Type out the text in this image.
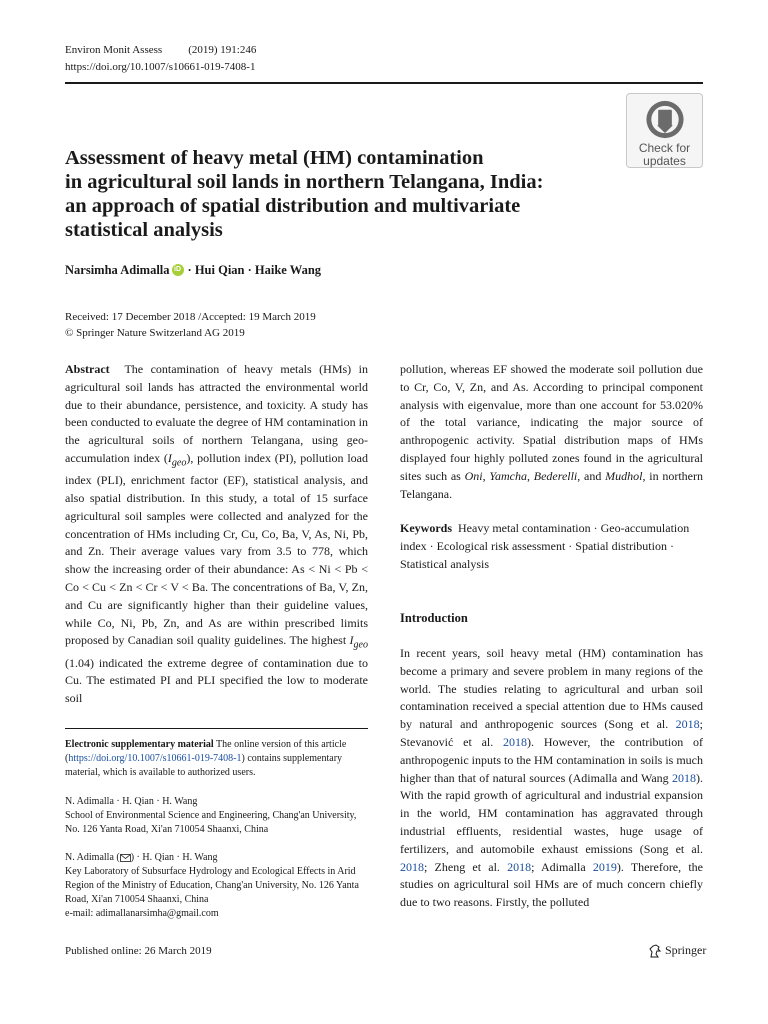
Environ Monit Assess (2019) 191:246
https://doi.org/10.1007/s10661-019-7408-1
Check for
updates
Assessment of heavy metal (HM) contamination
in agricultural soil lands in northern Telangana, India:
an approach of spatial distribution and multivariate
statistical analysis
Narsimha Adimalla iD · Hui Qian · Haike Wang
Received: 17 December 2018 /Accepted: 19 March 2019
© Springer Nature Switzerland AG 2019

Abstract The contamination of heavy metals (HMs) in agricultural soil lands has attracted the environmental world due to their abundance, persistence, and toxicity. A study has been conducted to evaluate the degree of HM contamination in the agricultural soils of northern Telangana, using geo-accumulation index $(I_{geo})$, pollution index (PI), pollution load index (PLI), enrichment factor (EF), statistical analysis, and also spatial distribution. In this study, a total of 15 surface agricultural soil samples were collected and analyzed for the concentration of HMs including Cr, Cu, Co, Ba, V, As, Ni, Pb, and Zn. Their average values vary from 3.5 to 778, which show the increasing order of their abundance: As < Ni < Pb < Co < Cu < Zn < Cr < V < Ba. The concentrations of Ba, V, Zn, and Cu are significantly higher than their guideline values, while Co, Ni, Pb, Zn, and As are within prescribed limits proposed by Canadian soil quality guidelines. The highest $I_{geo}$ (1.04) indicated the extreme degree of contamination due to Cu. The estimated PI and PLI specified the low to moderate soil

pollution, whereas EF showed the moderate soil pollution due to Cr, Co, V, Zn, and As. According to principal component analysis with eigenvalue, more than one account for 53.020% of the total variance, indicating the major source of anthropogenic activity. Spatial distribution maps of HMs displayed four highly polluted zones found in the agricultural sites such as Oni, Yamcha, Bederelli, and Mudhol, in northern Telangana.

Keywords Heavy metal contamination · Geo-accumulation index · Ecological risk assessment · Spatial distribution · Statistical analysis
Introduction
In recent years, soil heavy metal (HM) contamination has become a primary and severe problem in many regions of the world. The studies relating to agricultural and urban soil contamination received a special attention due to HMs caused by natural and anthropogenic sources (Song et al. 2018; Stevanović et al. 2018). However, the contribution of anthropogenic inputs to the HM contamination in soils is much higher than that of natural sources (Adimalla and Wang 2018). With the rapid growth of agricultural and industrial expansion in the world, HM contamination has aggravated through industrial effluents, residential wastes, huge usage of fertilizers, and automobile exhaust emissions (Song et al. 2018; Zheng et al. 2018; Adimalla 2019). Therefore, the studies on agricultural soil HMs are of much concern chiefly due to two reasons. Firstly, the polluted
Electronic supplementary material The online version of this article (https://doi.org/10.1007/s10661-019-7408-1) contains supplementary material, which is available to authorized users.
N. Adimalla · H. Qian · H. Wang
School of Environmental Science and Engineering, Chang'an University, No. 126 Yanta Road, Xi'an 710054 Shaanxi, China
N. Adimalla ( ) · H. Qian · H. Wang
Key Laboratory of Subsurface Hydrology and Ecological Effects in Arid Region of the Ministry of Education, Chang'an University, No. 126 Yanta Road, Xi'an 710054 Shaanxi, China
e-mail: adimallanarsimha@gmail.com
Published online: 26 March 2019	Springer
